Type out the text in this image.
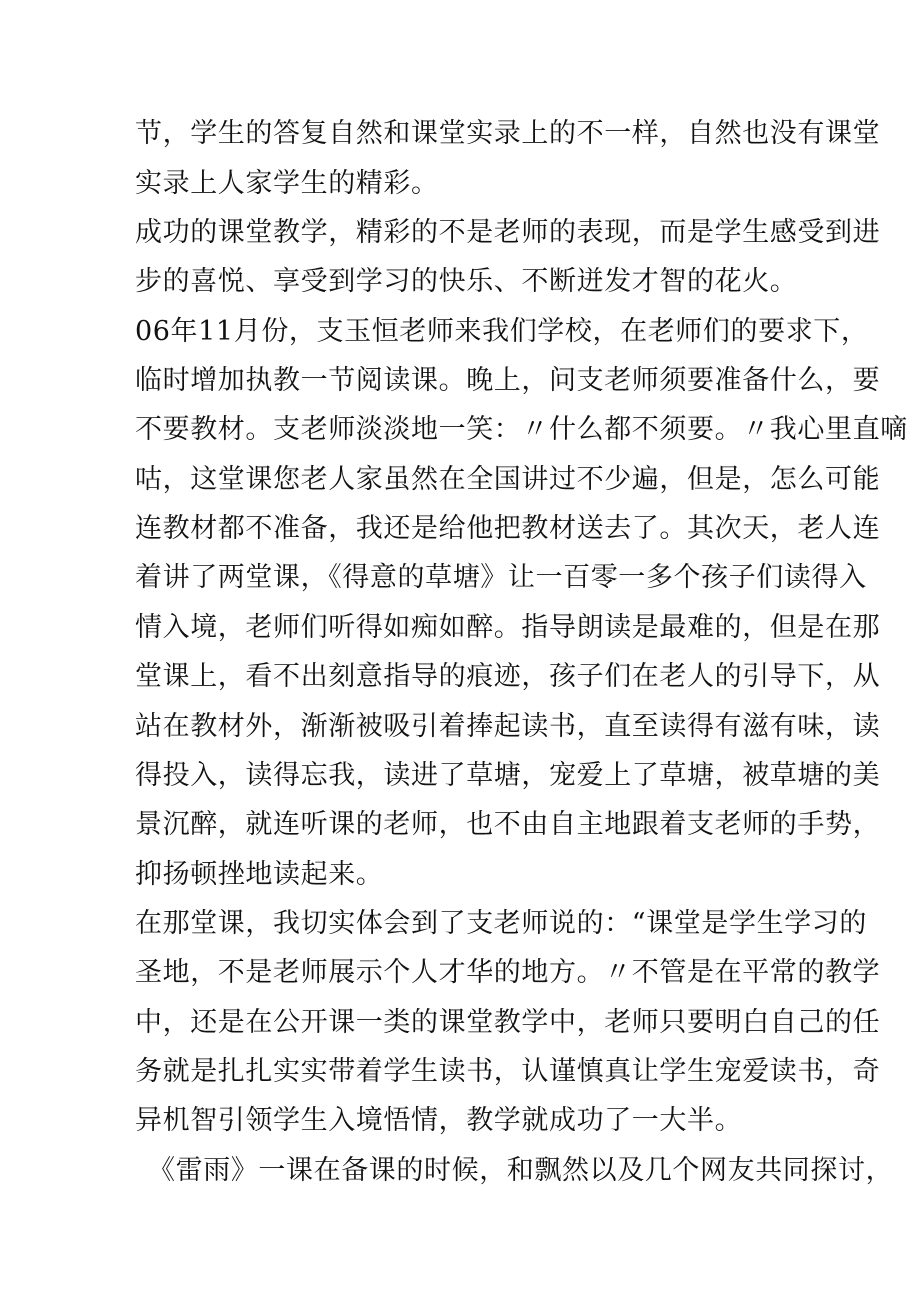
节，学生的答复自然和课堂实录上的不一样，自然也没有课堂
实录上人家学生的精彩。
成功的课堂教学，精彩的不是老师的表现，而是学生感受到进
步的喜悦、享受到学习的快乐、不断迸发才智的花火。
06年11月份，支玉恒老师来我们学校，在老师们的要求下，
临时增加执教一节阅读课。晚上，问支老师须要准备什么，要
不要教材。支老师淡淡地一笑：〃什么都不须要。〃我心里直嘀
咕，这堂课您老人家虽然在全国讲过不少遍，但是，怎么可能
连教材都不准备，我还是给他把教材送去了。其次天，老人连
着讲了两堂课，《得意的草塘》让一百零一多个孩子们读得入
情入境，老师们听得如痴如醉。指导朗读是最难的，但是在那
堂课上，看不出刻意指导的痕迹，孩子们在老人的引导下，从
站在教材外，渐渐被吸引着捧起读书，直至读得有滋有味，读
得投入，读得忘我，读进了草塘，宠爱上了草塘，被草塘的美
景沉醉，就连听课的老师，也不由自主地跟着支老师的手势，
抑扬顿挫地读起来。
在那堂课，我切实体会到了支老师说的：“课堂是学生学习的
圣地，不是老师展示个人才华的地方。〃不管是在平常的教学
中，还是在公开课一类的课堂教学中，老师只要明白自己的任
务就是扎扎实实带着学生读书，认谨慎真让学生宠爱读书，奇
异机智引领学生入境悟情，教学就成功了一大半。
《雷雨》一课在备课的时候，和飘然以及几个网友共同探讨，
